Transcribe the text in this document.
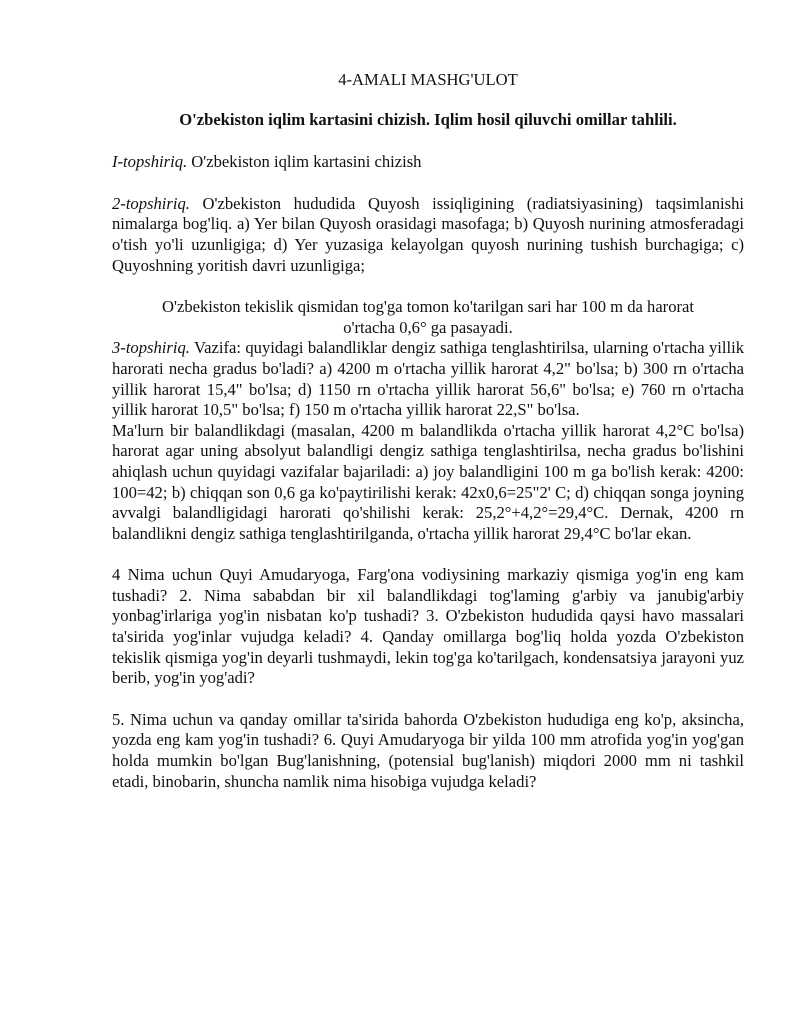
4-AMALI MASHG'ULOT

O'zbekiston iqlim kartasini chizish. Iqlim hosil qiluvchi omillar tahlili.

I-topshiriq. O'zbekiston iqlim kartasini chizish

2-topshiriq. O'zbekiston hududida Quyosh issiqligining (radiatsiyasining) taqsimlanishi nimalarga bog'liq. a) Yer bilan Quyosh orasidagi masofaga; b) Quyosh nurining atmosferadagi o'tish yo'li uzunligiga; d) Yer yuzasiga kelayolgan quyosh nurining tushish burchagiga; c) Quyoshning yoritish davri uzunligiga;

O'zbekiston tekislik qismidan tog'ga tomon ko'tarilgan sari har 100 m da harorat

o'rtacha 0,6° ga pasayadi.

3-topshiriq. Vazifa: quyidagi balandliklar dengiz sathiga tenglashtirilsa, ularning o'rtacha yillik harorati necha gradus bo'ladi? a) 4200 m o'rtacha yillik harorat 4,2" bo'lsa; b) 300 rn o'rtacha yillik harorat 15,4" bo'lsa; d) 1150 rn o'rtacha yillik harorat 56,6" bo'lsa; e) 760 rn o'rtacha yillik harorat 10,5" bo'lsa; f) 150 m o'rtacha yillik harorat 22,S" bo'lsa.

Ma'lurn bir balandlikdagi (masalan, 4200 m balandlikda o'rtacha yillik harorat 4,2°C bo'lsa) harorat agar uning absolyut balandligi dengiz sathiga tenglashtirilsa, necha gradus bo'lishini ahiqlash uchun quyidagi vazifalar bajariladi: a) joy balandligini 100 m ga bo'lish kerak: 4200: 100=42; b) chiqqan son 0,6 ga ko'paytirilishi kerak: 42x0,6=25"2' C; d) chiqqan songa joyning avvalgi balandligidagi harorati qo'shilishi kerak: 25,2°+4,2°=29,4°C. Dernak, 4200 rn balandlikni dengiz sathiga tenglashtirilganda, o'rtacha yillik harorat 29,4°C bo'lar ekan.

4 Nima uchun Quyi Amudaryoga, Farg'ona vodiysining markaziy qismiga yog'in eng kam tushadi? 2. Nima sababdan bir xil balandlikdagi tog'laming g'arbiy va janubig'arbiy yonbag'irlariga yog'in nisbatan ko'p tushadi? 3. O'zbekiston hududida qaysi havo massalari ta'sirida yog'inlar vujudga keladi? 4. Qanday omillarga bog'liq holda yozda O'zbekiston tekislik qismiga yog'in deyarli tushmaydi, lekin tog'ga ko'tarilgach, kondensatsiya jarayoni yuz berib, yog'in yog'adi?

5. Nima uchun va qanday omillar ta'sirida bahorda O'zbekiston hududiga eng ko'p, aksincha, yozda eng kam yog'in tushadi? 6. Quyi Amudaryoga bir yilda 100 mm atrofida yog'in yog'gan holda mumkin bo'lgan Bug'lanishning, (potensial bug'lanish) miqdori 2000 mm ni tashkil etadi, binobarin, shuncha namlik nima hisobiga vujudga keladi?
